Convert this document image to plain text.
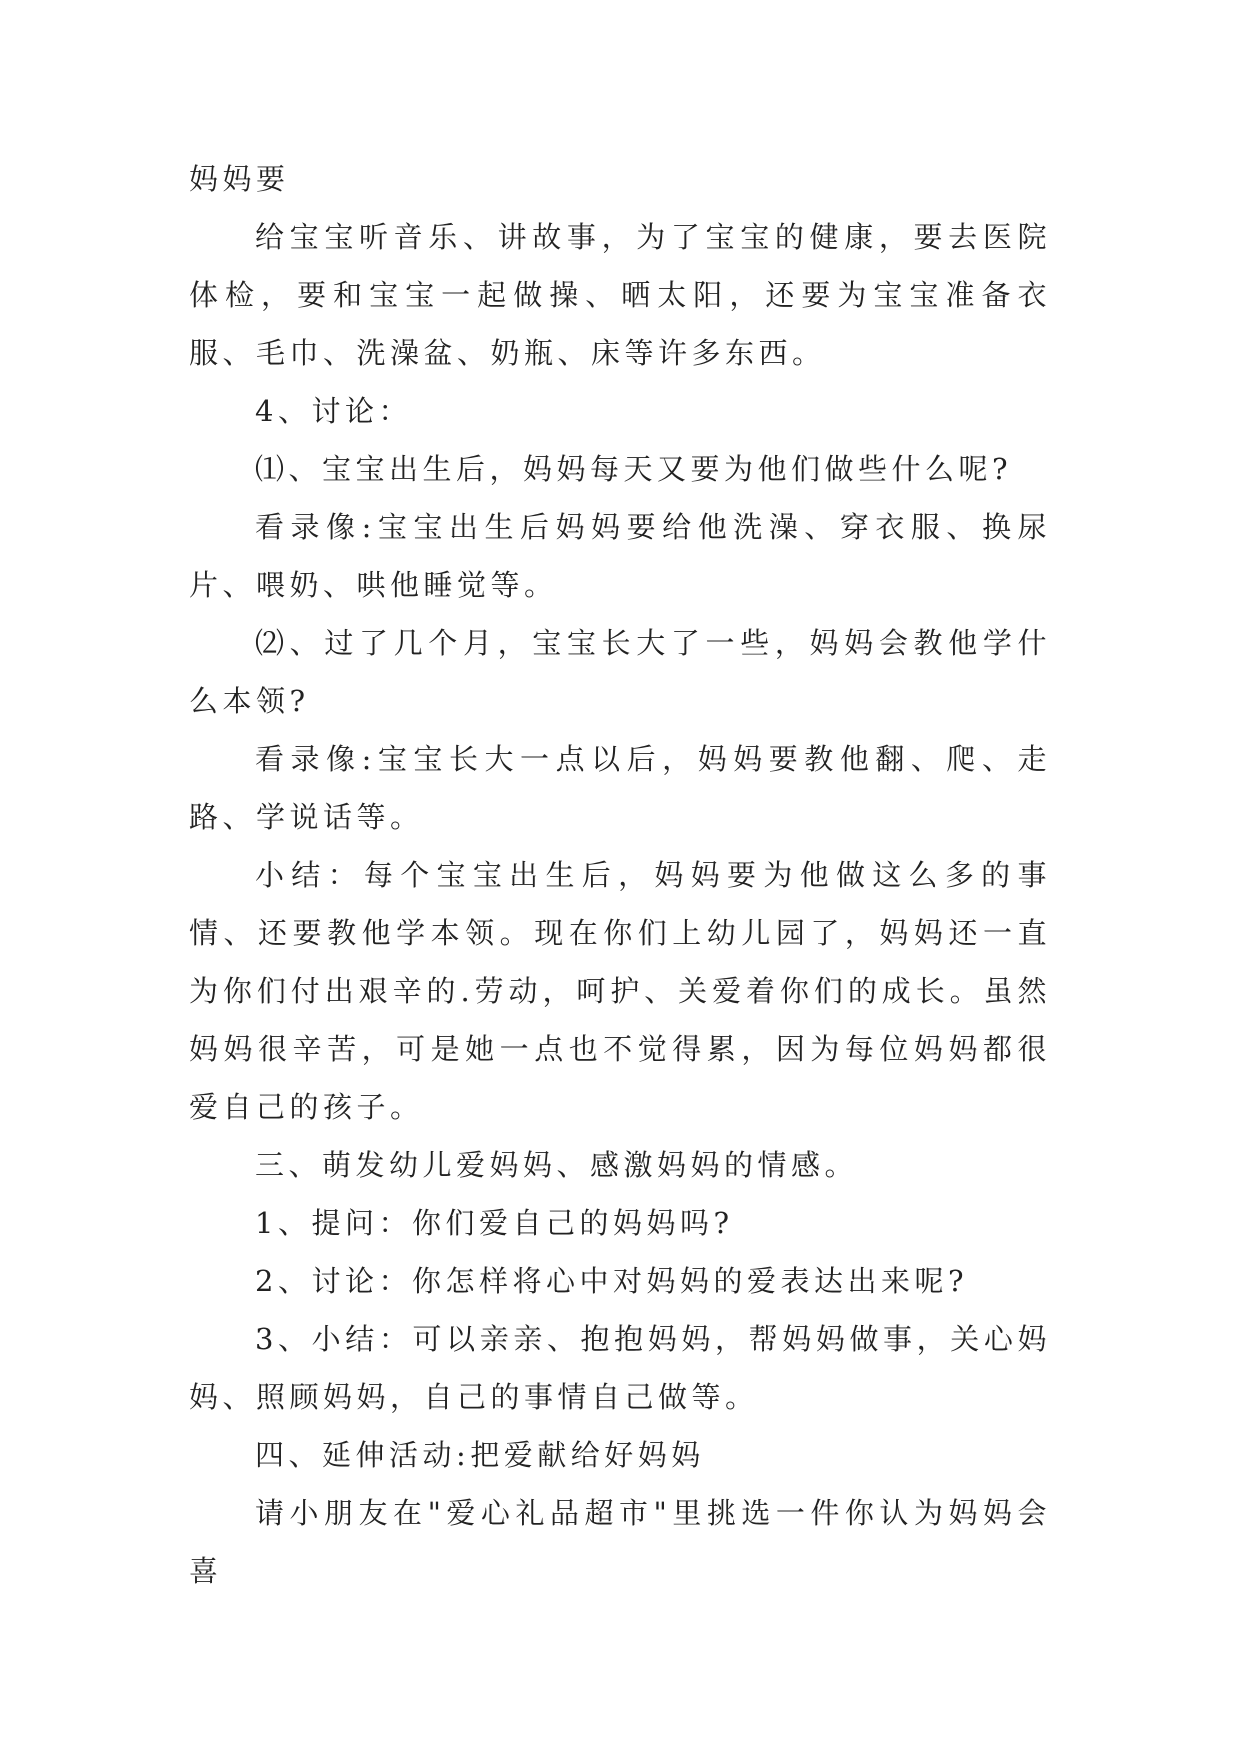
妈妈要

给宝宝听音乐、讲故事，为了宝宝的健康，要去医院体检，要和宝宝一起做操、晒太阳，还要为宝宝准备衣服、毛巾、洗澡盆、奶瓶、床等许多东西。

4、讨论：

⑴、宝宝出生后，妈妈每天又要为他们做些什么呢?

看录像:宝宝出生后妈妈要给他洗澡、穿衣服、换尿片、喂奶、哄他睡觉等。

⑵、过了几个月，宝宝长大了一些，妈妈会教他学什么本领?

看录像:宝宝长大一点以后，妈妈要教他翻、爬、走路、学说话等。

小结：每个宝宝出生后，妈妈要为他做这么多的事情、还要教他学本领。现在你们上幼儿园了，妈妈还一直为你们付出艰辛的.劳动，呵护、关爱着你们的成长。虽然妈妈很辛苦，可是她一点也不觉得累，因为每位妈妈都很爱自己的孩子。

三、萌发幼儿爱妈妈、感激妈妈的情感。

1、提问：你们爱自己的妈妈吗?

2、讨论：你怎样将心中对妈妈的爱表达出来呢?

3、小结：可以亲亲、抱抱妈妈，帮妈妈做事，关心妈妈、照顾妈妈，自己的事情自己做等。

四、延伸活动:把爱献给好妈妈

请小朋友在"爱心礼品超市"里挑选一件你认为妈妈会喜
